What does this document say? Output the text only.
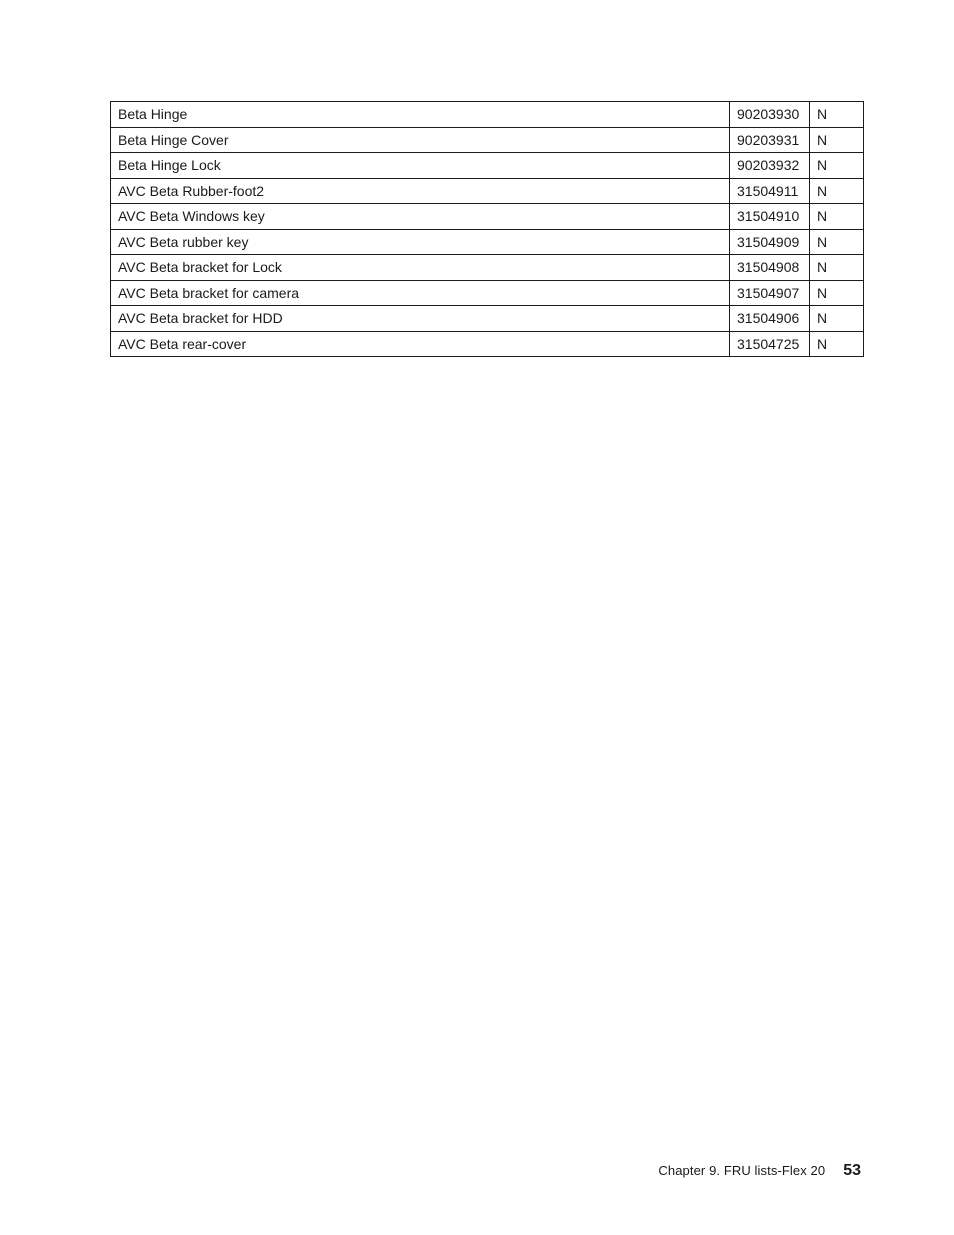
Beta Hinge	90203930	N
Beta Hinge Cover	90203931	N
Beta Hinge Lock	90203932	N
AVC Beta Rubber-foot2	31504911	N
AVC Beta Windows key	31504910	N
AVC Beta rubber key	31504909	N
AVC Beta bracket for Lock	31504908	N
AVC Beta bracket for camera	31504907	N
AVC Beta bracket for HDD	31504906	N
AVC Beta rear-cover	31504725	N
Chapter 9. FRU lists-Flex 20 53
